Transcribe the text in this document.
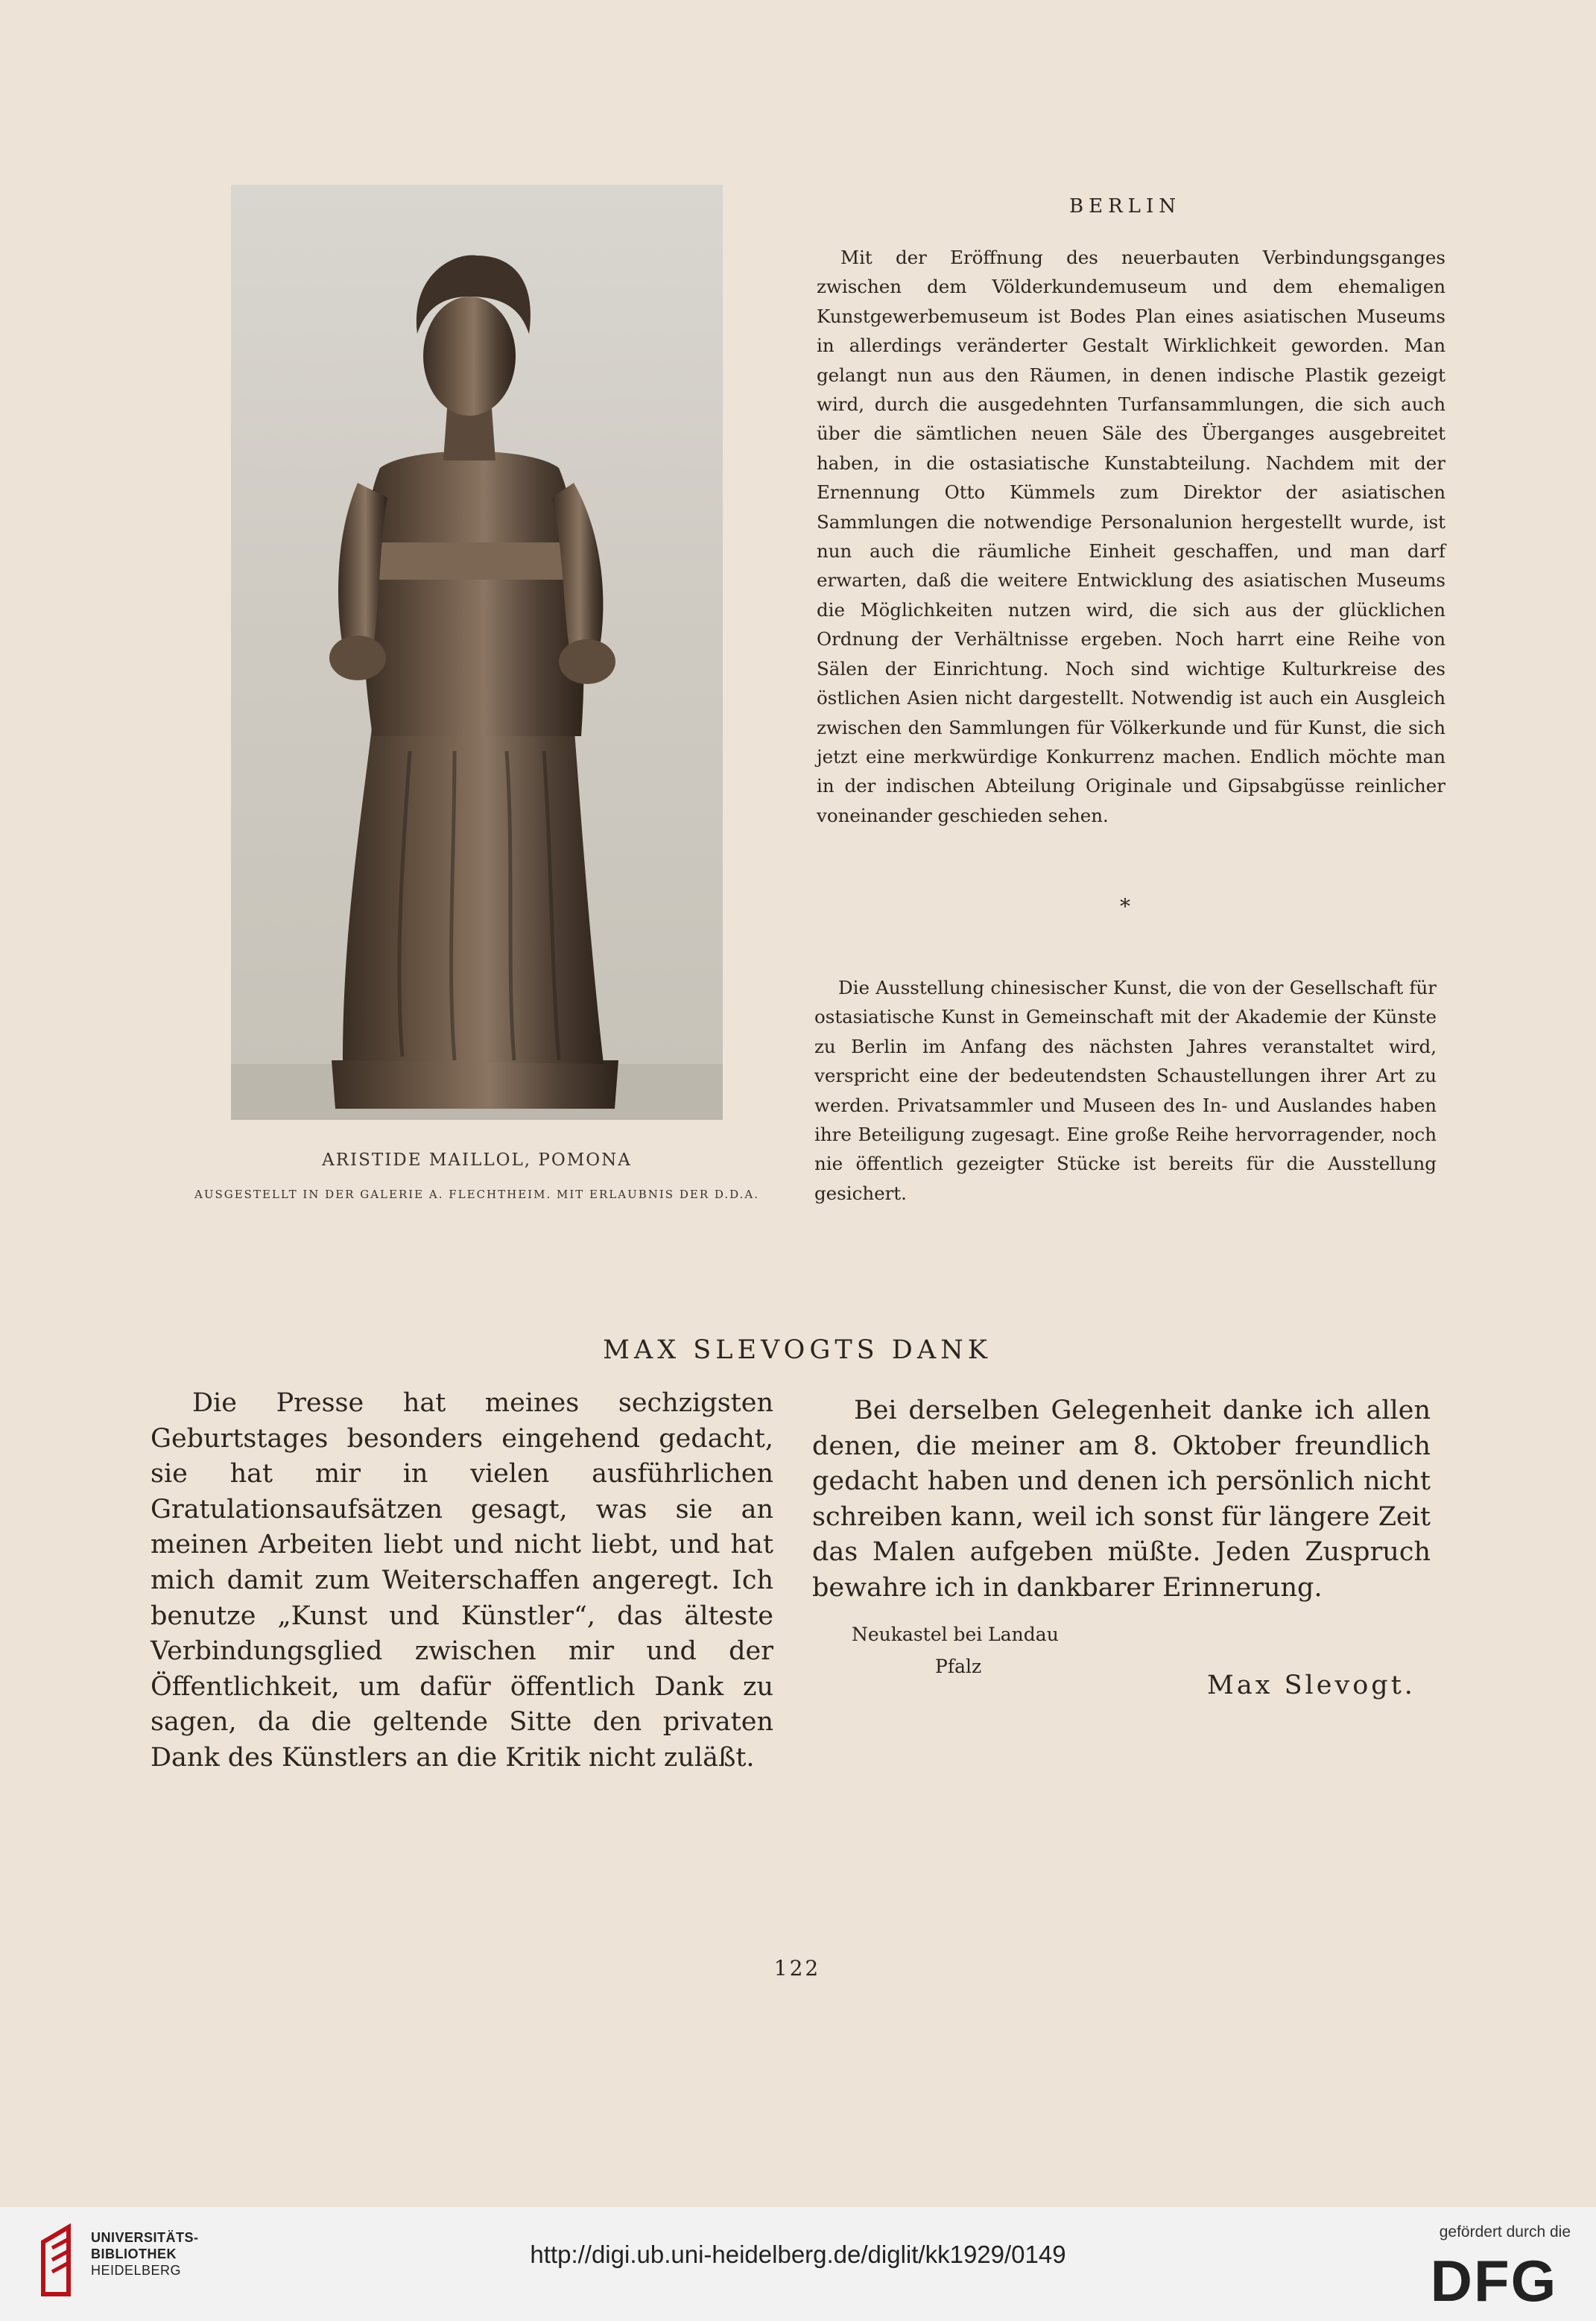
ARISTIDE MAILLOL, POMONA
AUSGESTELLT IN DER GALERIE A. FLECHTHEIM. MIT ERLAUBNIS DER D.D.A.
BERLIN

Mit der Eröffnung des neuerbauten Verbindungsganges zwischen dem Völderkundemuseum und dem ehemaligen Kunstgewerbemuseum ist Bodes Plan eines asiatischen Museums in allerdings veränderter Gestalt Wirklichkeit geworden. Man gelangt nun aus den Räumen, in denen indische Plastik gezeigt wird, durch die ausgedehnten Turfansammlungen, die sich auch über die sämtlichen neuen Säle des Überganges ausgebreitet haben, in die ostasiatische Kunstabteilung. Nachdem mit der Ernennung Otto Kümmels zum Direktor der asiatischen Sammlungen die notwendige Personalunion hergestellt wurde, ist nun auch die räumliche Einheit geschaffen, und man darf erwarten, daß die weitere Entwicklung des asiatischen Museums die Möglichkeiten nutzen wird, die sich aus der glücklichen Ordnung der Verhältnisse ergeben. Noch harrt eine Reihe von Sälen der Einrichtung. Noch sind wichtige Kulturkreise des östlichen Asien nicht dargestellt. Notwendig ist auch ein Ausgleich zwischen den Sammlungen für Völkerkunde und für Kunst, die sich jetzt eine merkwürdige Konkurrenz machen. Endlich möchte man in der indischen Abteilung Originale und Gipsabgüsse reinlicher voneinander geschieden sehen.

*

Die Ausstellung chinesischer Kunst, die von der Gesellschaft für ostasiatische Kunst in Gemeinschaft mit der Akademie der Künste zu Berlin im Anfang des nächsten Jahres veranstaltet wird, verspricht eine der bedeutendsten Schaustellungen ihrer Art zu werden. Privatsammler und Museen des In- und Auslandes haben ihre Beteiligung zugesagt. Eine große Reihe hervorragender, noch nie öffentlich gezeigter Stücke ist bereits für die Ausstellung gesichert.

MAX SLEVOGTS DANK

Die Presse hat meines sechzigsten Geburtstages besonders eingehend gedacht, sie hat mir in vielen ausführlichen Gratulationsaufsätzen gesagt, was sie an meinen Arbeiten liebt und nicht liebt, und hat mich damit zum Weiterschaffen angeregt. Ich benutze „Kunst und Künstler“, das älteste Verbindungsglied zwischen mir und der Öffentlichkeit, um dafür öffentlich Dank zu sagen, da die geltende Sitte den privaten Dank des Künstlers an die Kritik nicht zuläßt.

Bei derselben Gelegenheit danke ich allen denen, die meiner am 8. Oktober freundlich gedacht haben und denen ich persönlich nicht schreiben kann, weil ich sonst für längere Zeit das Malen aufgeben müßte. Jeden Zuspruch bewahre ich in dankbarer Erinnerung.

Neukastel bei Landau
Pfalz
Max Slevogt.
122
UNIVERSITÄTS-
BIBLIOTHEK
HEIDELBERG
http://digi.ub.uni-heidelberg.de/diglit/kk1929/0149
gefördert durch die
DFG
